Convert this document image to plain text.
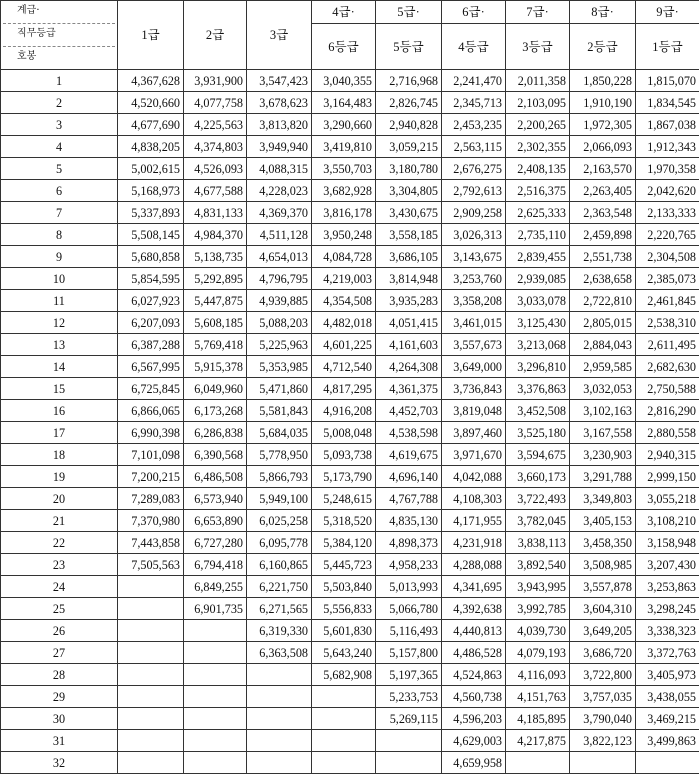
계급·
직무등급
호봉	1급	2급	3급	4급·	5급·	6급·	7급·	8급·	9급·
				6등급	5등급	4등급	3등급	2등급	1등급
1	4,367,628	3,931,900	3,547,423	3,040,355	2,716,968	2,241,470	2,011,358	1,850,228	1,815,070
2	4,520,660	4,077,758	3,678,623	3,164,483	2,826,745	2,345,713	2,103,095	1,910,190	1,834,545
3	4,677,690	4,225,563	3,813,820	3,290,660	2,940,828	2,453,235	2,200,265	1,972,305	1,867,038
4	4,838,205	4,374,803	3,949,940	3,419,810	3,059,215	2,563,115	2,302,355	2,066,093	1,912,343
5	5,002,615	4,526,093	4,088,315	3,550,703	3,180,780	2,676,275	2,408,135	2,163,570	1,970,358
6	5,168,973	4,677,588	4,228,023	3,682,928	3,304,805	2,792,613	2,516,375	2,263,405	2,042,620
7	5,337,893	4,831,133	4,369,370	3,816,178	3,430,675	2,909,258	2,625,333	2,363,548	2,133,333
8	5,508,145	4,984,370	4,511,128	3,950,248	3,558,185	3,026,313	2,735,110	2,459,898	2,220,765
9	5,680,858	5,138,735	4,654,013	4,084,728	3,686,105	3,143,675	2,839,455	2,551,738	2,304,508
10	5,854,595	5,292,895	4,796,795	4,219,003	3,814,948	3,253,760	2,939,085	2,638,658	2,385,073
11	6,027,923	5,447,875	4,939,885	4,354,508	3,935,283	3,358,208	3,033,078	2,722,810	2,461,845
12	6,207,093	5,608,185	5,088,203	4,482,018	4,051,415	3,461,015	3,125,430	2,805,015	2,538,310
13	6,387,288	5,769,418	5,225,963	4,601,225	4,161,603	3,557,673	3,213,068	2,884,043	2,611,495
14	6,567,995	5,915,378	5,353,985	4,712,540	4,264,308	3,649,000	3,296,810	2,959,585	2,682,630
15	6,725,845	6,049,960	5,471,860	4,817,295	4,361,375	3,736,843	3,376,863	3,032,053	2,750,588
16	6,866,065	6,173,268	5,581,843	4,916,208	4,452,703	3,819,048	3,452,508	3,102,163	2,816,290
17	6,990,398	6,286,838	5,684,035	5,008,048	4,538,598	3,897,460	3,525,180	3,167,558	2,880,558
18	7,101,098	6,390,568	5,778,950	5,093,738	4,619,675	3,971,670	3,594,675	3,230,903	2,940,315
19	7,200,215	6,486,508	5,866,793	5,173,790	4,696,140	4,042,088	3,660,173	3,291,788	2,999,150
20	7,289,083	6,573,940	5,949,100	5,248,615	4,767,788	4,108,303	3,722,493	3,349,803	3,055,218
21	7,370,980	6,653,890	6,025,258	5,318,520	4,835,130	4,171,955	3,782,045	3,405,153	3,108,210
22	7,443,858	6,727,280	6,095,778	5,384,120	4,898,373	4,231,918	3,838,113	3,458,350	3,158,948
23	7,505,563	6,794,418	6,160,865	5,445,723	4,958,233	4,288,088	3,892,540	3,508,985	3,207,430
24		6,849,255	6,221,750	5,503,840	5,013,993	4,341,695	3,943,995	3,557,878	3,253,863
25		6,901,735	6,271,565	5,556,833	5,066,780	4,392,638	3,992,785	3,604,310	3,298,245
26			6,319,330	5,601,830	5,116,493	4,440,813	4,039,730	3,649,205	3,338,323
27			6,363,508	5,643,240	5,157,800	4,486,528	4,079,193	3,686,720	3,372,763
28				5,682,908	5,197,365	4,524,863	4,116,093	3,722,800	3,405,973
29					5,233,753	4,560,738	4,151,763	3,757,035	3,438,055
30					5,269,115	4,596,203	4,185,895	3,790,040	3,469,215
31						4,629,003	4,217,875	3,822,123	3,499,863
32						4,659,958			
